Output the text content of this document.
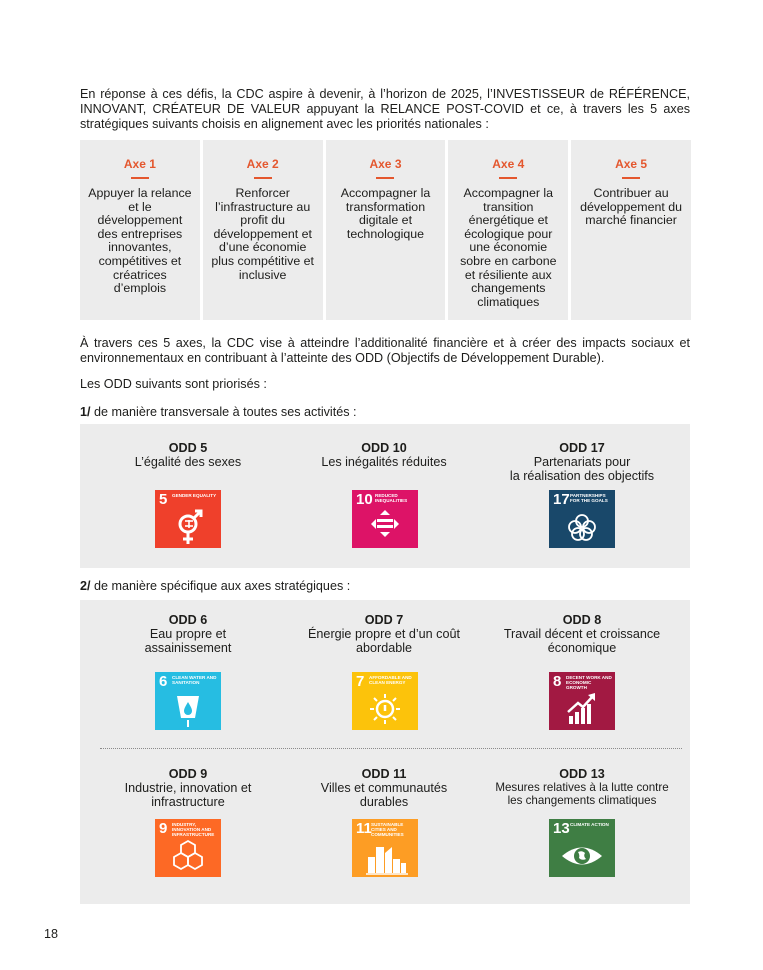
En réponse à ces défis, la CDC aspire à devenir, à l’horizon de 2025, l’INVESTISSEUR de RÉFÉRENCE, INNOVANT, CRÉATEUR DE VALEUR appuyant la RELANCE POST-COVID et ce, à travers les 5 axes stratégiques suivants choisis en alignement avec les priorités nationales :

Axe 1
Appuyer la relance et le développement des entreprises innovantes, compétitives et créatrices d’emplois
Axe 2
Renforcer l’infrastructure au profit du développement et d’une économie plus compétitive et inclusive
Axe 3
Accompagner la transformation digitale et technologique
Axe 4
Accompagner la transition énergétique et écologique pour une économie sobre en carbone et résiliente aux changements climatiques
Axe 5
Contribuer au développement du marché financier

À travers ces 5 axes, la CDC vise à atteindre l’additionalité financière et à créer des impacts sociaux et environnementaux en contribuant à l’atteinte des ODD (Objectifs de Développement Durable).

Les ODD suivants sont priorisés :

1/ de manière transversale à toutes ses activités :

ODD 5
L’égalité des sexes
5 GENDER EQUALITY
ODD 10
Les inégalités réduites
10 REDUCED INEQUALITIES
ODD 17
Partenariats pour
la réalisation des objectifs
17 PARTNERSHIPS FOR THE GOALS

2/ de manière spécifique aux axes stratégiques :

ODD 6
Eau propre et
assainissement
6 CLEAN WATER AND SANITATION
ODD 7
Énergie propre et d’un coût
abordable
7 AFFORDABLE AND CLEAN ENERGY
ODD 8
Travail décent et croissance
économique
8 DECENT WORK AND ECONOMIC GROWTH
ODD 9
Industrie, innovation et
infrastructure
9 INDUSTRY, INNOVATION AND INFRASTRUCTURE
ODD 11
Villes et communautés
durables
11 SUSTAINABLE CITIES AND COMMUNITIES
ODD 13
Mesures relatives à la lutte contre
les changements climatiques
13 CLIMATE ACTION
18
